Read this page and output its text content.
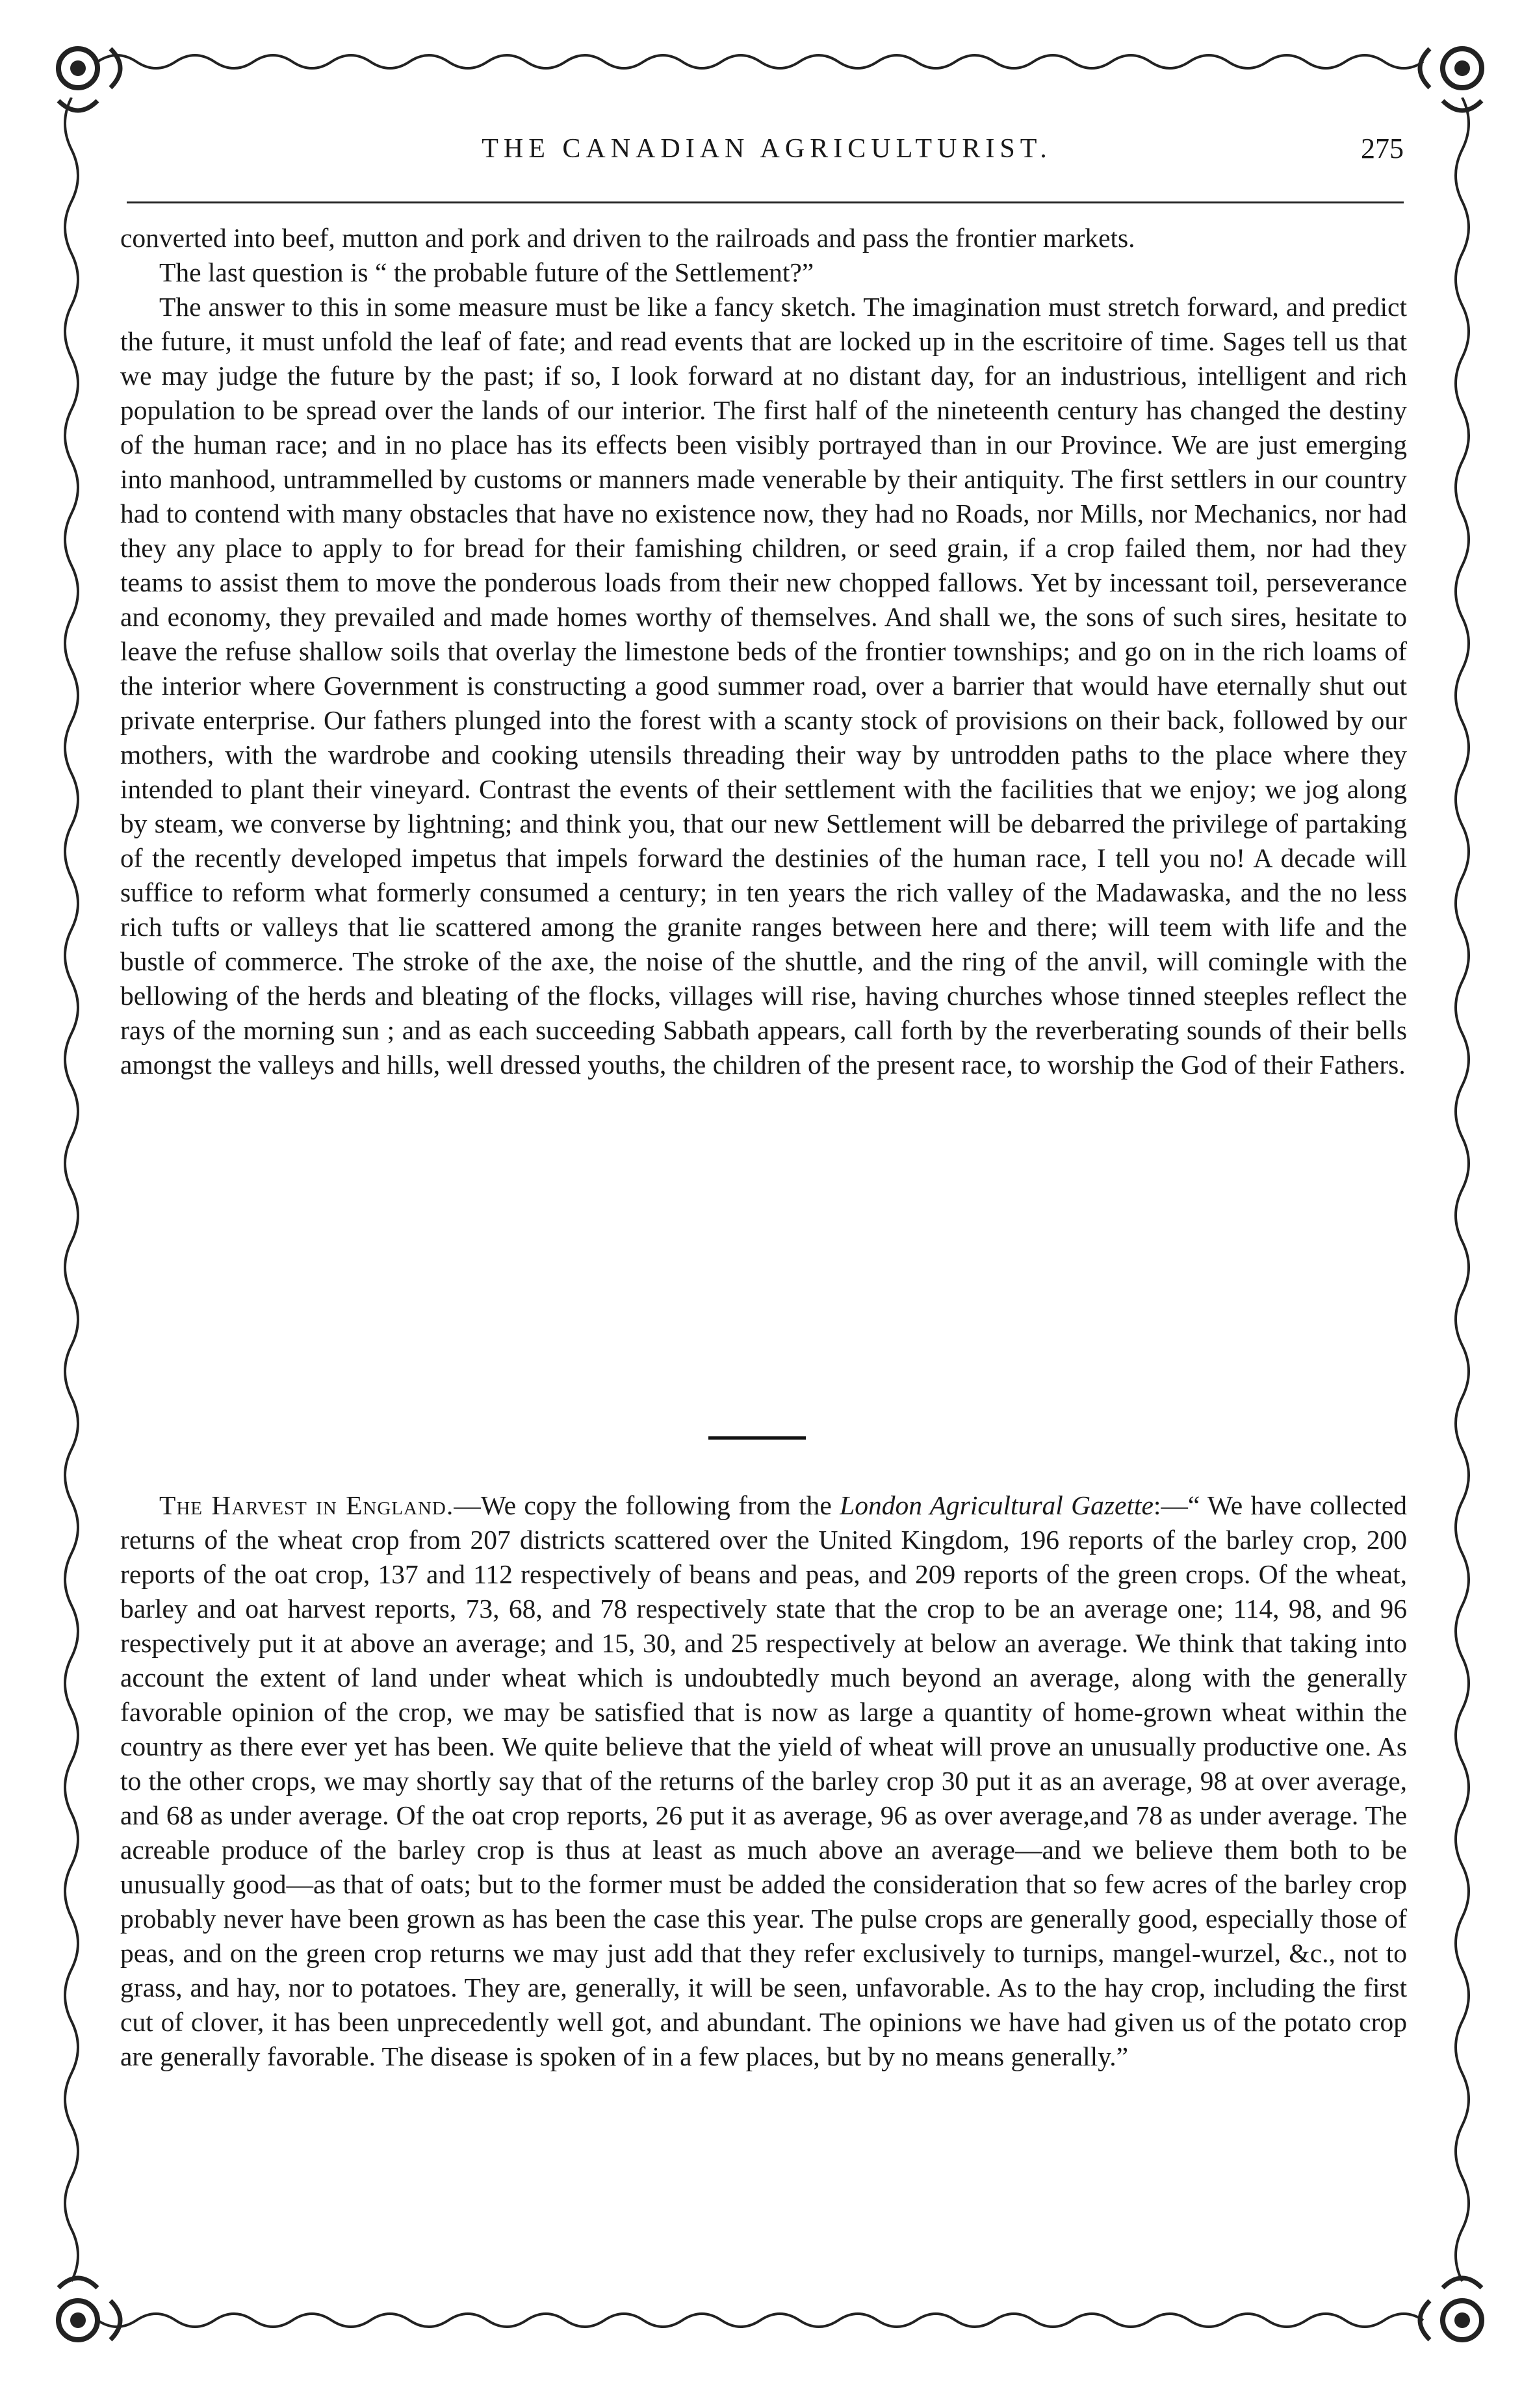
THE CANADIAN AGRICULTURIST.	275

converted into beef, mutton and pork and driven to the railroads and pass the frontier markets.

The last question is “ the probable future of the Settlement?”

The answer to this in some measure must be like a fancy sketch. The imagination must stretch forward, and predict the future, it must unfold the leaf of fate; and read events that are locked up in the escritoire of time. Sages tell us that we may judge the future by the past; if so, I look forward at no distant day, for an industrious, intelligent and rich population to be spread over the lands of our interior. The first half of the nineteenth century has changed the destiny of the human race; and in no place has its effects been visibly portrayed than in our Province. We are just emerging into manhood, untrammelled by customs or manners made venerable by their antiquity. The first settlers in our country had to contend with many obstacles that have no existence now, they had no Roads, nor Mills, nor Mechanics, nor had they any place to apply to for bread for their famishing children, or seed grain, if a crop failed them, nor had they teams to assist them to move the ponderous loads from their new chopped fallows. Yet by incessant toil, perseverance and economy, they prevailed and made homes worthy of themselves. And shall we, the sons of such sires, hesitate to leave the refuse shallow soils that overlay the limestone beds of the frontier townships; and go on in the rich loams of the interior where Government is constructing a good summer road, over a barrier that would have eternally shut out private enterprise. Our fathers plunged into the forest with a scanty stock of provisions on their back, followed by our mothers, with the wardrobe and cooking utensils threading their way by untrodden paths to the place where they intended to plant their vineyard. Contrast the events of their settlement with the facilities that we enjoy; we jog along by steam, we converse by lightning; and think you, that our new Settlement will be debarred the privilege of partaking of the recently developed impetus that impels forward the destinies of the human race, I tell you no! A decade will suffice to reform what formerly consumed a century; in ten years the rich valley of the Madawaska, and the no less rich tufts or valleys that lie scattered among the granite ranges between here and there; will teem with life and the bustle of commerce. The stroke of the axe, the noise of the shuttle, and the ring of the anvil, will comingle with the bellowing of the herds and bleating of the flocks, villages will rise, having churches whose tinned steeples reflect the rays of the morning sun ; and as each succeeding Sabbath appears, call forth by the reverberating sounds of their bells amongst the valleys and hills, well dressed youths, the children of the present race, to worship the God of their Fathers.

The Harvest in England.—We copy the following from the London Agricultural Gazette:—“ We have collected returns of the wheat crop from 207 districts scattered over the United Kingdom, 196 reports of the barley crop, 200 reports of the oat crop, 137 and 112 respectively of beans and peas, and 209 reports of the green crops. Of the wheat, barley and oat harvest reports, 73, 68, and 78 respectively state that the crop to be an average one; 114, 98, and 96 respectively put it at above an average; and 15, 30, and 25 respectively at below an average. We think that taking into account the extent of land under wheat which is undoubtedly much beyond an average, along with the generally favorable opinion of the crop, we may be satisfied that is now as large a quantity of home-grown wheat within the country as there ever yet has been. We quite believe that the yield of wheat will prove an unusually productive one. As to the other crops, we may shortly say that of the returns of the barley crop 30 put it as an average, 98 at over average, and 68 as under average. Of the oat crop reports, 26 put it as average, 96 as over average,and 78 as under average. The acreable produce of the barley crop is thus at least as much above an average—and we believe them both to be unusually good—as that of oats; but to the former must be added the consideration that so few acres of the barley crop probably never have been grown as has been the case this year. The pulse crops are generally good, especially those of peas, and on the green crop returns we may just add that they refer exclusively to turnips, mangel-wurzel, &c., not to grass, and hay, nor to potatoes. They are, generally, it will be seen, unfavorable. As to the hay crop, including the first cut of clover, it has been unprecedently well got, and abundant. The opinions we have had given us of the potato crop are generally favorable. The disease is spoken of in a few places, but by no means generally.”
